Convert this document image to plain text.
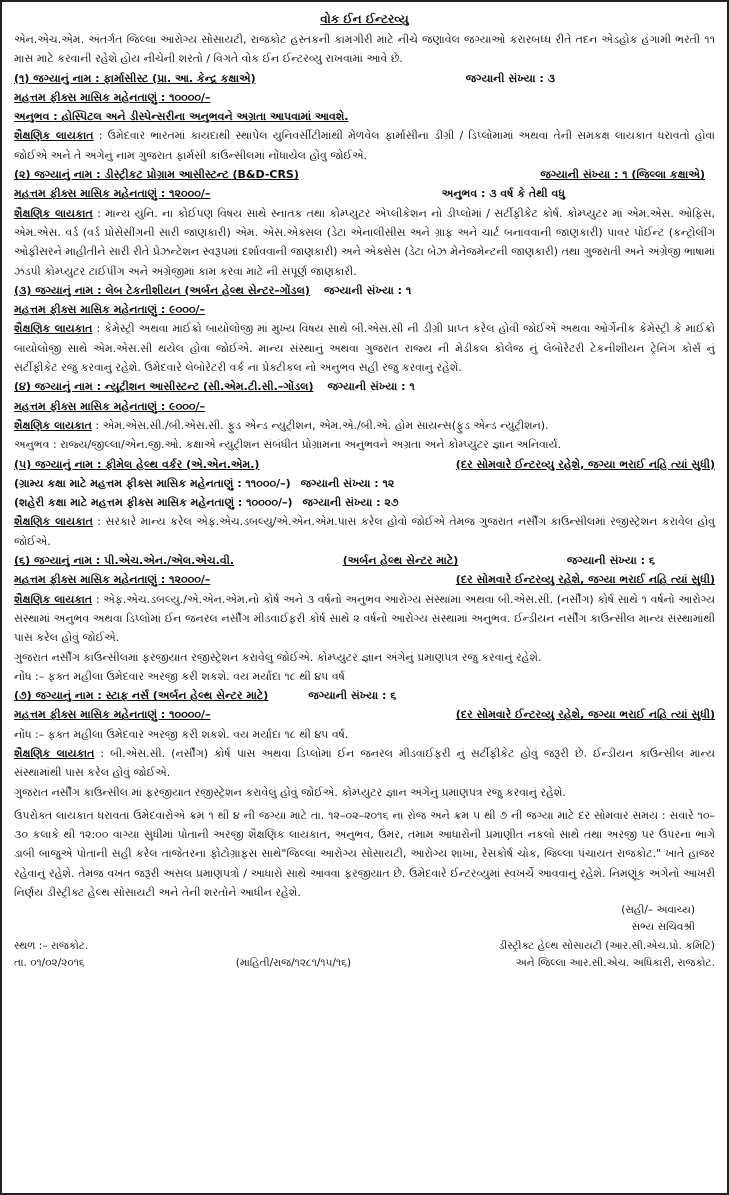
વોક ઈન ઈન્ટરવ્યુ

એન.એચ.એમ. અંતર્ગત જિલ્લા આરોગ્ય સોસાયટી, રાજકોટ હસ્તકની કામગીરી માટે નીચે જણાવેલ જગ્યાઓ કરારબધ્ધ રીતે તદન એડહોક હંગામી ભરતી ૧૧ માસ માટે કરવાની રહેશે હોય નીચેની શરતો / વિગતે વોક ઈન ઈન્ટરવ્યુ રાખવામાં આવે છે.

(૧) જગ્યાનું નામ : ફાર્માસીસ્ટ (પ્રા. આ. કેન્દ્ર કક્ષાએ)	જગ્યાની સંખ્યા : ૩

મહત્તમ ફીક્સ માસિક મહેનતાણું : ૧૦૦૦૦/–

અનુભવ : હોસ્પિટલ અને ડીસ્પેન્સરીના અનુભવને અગ્રતા આપવામાં આવશે.

શૈક્ષણિક લાયકાત : ઉમેદવાર ભારતમાં કાયદાથી સ્થાપેલ યુનિવર્સીટીમાંથી મેળવેલ ફાર્માસીના ડીગ્રી / ડિપ્લોમામાં અથવા તેની સમકક્ષ લાયકાત ધરાવતો હોવા જોઈએ અને તે અંગેનું નામ ગુજરાત ફાર્મસી કાઉન્સીલમાં નોંધાયેલ હોવુ જોઈએ.

(૨) જગ્યાનું નામ : ડીસ્ટ્રીકટ પ્રોગ્રામ આસીસ્ટન્ટ (B&D-CRS)	જગ્યાની સંખ્યા : ૧ (જિલ્લા કક્ષાએ)
મહત્તમ ફીક્સ માસિક મહેનતાણું : ૧૨૦૦૦/–	અનુભવ : ૩ વર્ષ કે તેથી વધુ

શૈક્ષણિક લાયકાત : માન્ય યુનિ. ના કોઈપણ વિષય સાથે સ્નાતક તથા કોમ્પ્યુટર એપ્લીકેશન નો ડીપ્લોમાં / સર્ટીફીકેટ કોર્ષ. કોમ્પ્યુટર માં એમ.એસ. ઓફિસ, એમ.એસ. વર્ડ (વર્ડ પ્રોસેસીંગની સારી જાણકારી) એમ. એસ.એક્સલ (ડેટા એનાલીસીસ અને ગ્રાફ અને ચાર્ટ બનાવવાની જાણકારી) પાવર પોઈન્ટ (કન્ટ્રોલીંગ ઓફીસરને માહીતીને સારી રીતે પ્રેઝન્ટેશન સ્વરૂપમાં દર્શાવવાની જાણકારી) અને એક્સેસ (ડેટા બેઝ મેનેજમેન્ટની જાણકારી) તથા ગુજરાતી અને અંગ્રેજી ભાષામાં ઝડપી કોમ્પ્યુટર ટાઈપીંગ અને અંગ્રેજીમાં કામ કરવા માટે ની સંપૂર્ણ જાણકારી.

(૩) જગ્યાનું નામ : લેબ ટેકનીશીયન (અર્બન હેલ્થ સેન્ટર–ગોંડલ) જગ્યાની સંખ્યા : ૧

મહત્તમ ફીક્સ માસિક મહેનતાણું : ૯૦૦૦/–

શૈક્ષણિક લાયકાત : કેમેસ્ટ્રી અથવા માઈક્રો બાયોલોજી માં મુખ્ય વિષય સાથે બી.એસ.સી ની ડીગ્રી પ્રાપ્ત કરેલ હોવી જોઈએ અથવા ઓર્ગેનીક કેમેસ્ટ્રી કે માઈક્રો બાયોલોજી સાથે એમ.એસ.સી થયેલ હોવા જોઈએ. માન્ય સંસ્થાનું અથવા ગુજરાત રાજ્ય ની મેડીકલ કોલેજ નું લેબોરેટરી ટેકનીશીયન ટ્રેનિંગ કોર્સ નું સર્ટીફીકેટ રજુ કરવાનું રહેશે. ઉમેદવારે લેબોરેટરી વર્ક ના પ્રેક્ટીકલ નો અનુભવ સહી રજુ કરવાનું રહેશે.

(૪) જગ્યાનું નામ : ન્યુટ્રીશન આસીસ્ટન્ટ (સી.એમ.ટી.સી.–ગોંડલ) જગ્યાની સંખ્યા : ૧

મહત્તમ ફીક્સ માસિક મહેનતાણું : ૯૦૦૦/–

શૈક્ષણિક લાયકાત : એમ.એસ.સી./બી.એસ.સી. ફુડ એન્ડ ન્યુટ્રીશન, એમ.એ./બી.એ. હોમ સાયન્સ(ફુડ એન્ડ ન્યુટ્રીશન).

અનુભવ : રાજ્ય/જીલ્લા/એન.જી.ઓ. કક્ષાએ ન્યુટ્રીશન સંબંધીત પ્રોગ્રામના અનુભવને અગ્રતા અને કોમ્પ્યુટર જ્ઞાન અનિવાર્ય.

(૫) જગ્યાનું નામ : ફીમેલ હેલ્થ વર્કર (એ.એન.એમ.)	(દર સોમવારે ઈન્ટરવ્યુ રહેશે, જગ્યા ભરાઈ નહિ ત્યાં સુધી)
(ગ્રામ્ય કક્ષા માટે મહત્તમ ફીક્સ માસિક મહેનતાણું : ૧૧૦૦૦/–) જગ્યાની સંખ્યા : ૧૨
(શહેરી કક્ષા માટે મહત્તમ ફીક્સ માસિક મહેનતાણું : ૧૦૦૦૦/–) જગ્યાની સંખ્યા : ૨૭

શૈક્ષણિક લાયકાત : સરકારે માન્ય કરેલ એફ.એચ.ડબલ્યુ/એ.એન.એમ.પાસ કરેલ હોવો જોઈએ તેમજ ગુજરાત નર્સીંગ કાઉન્સીલમાં રજીસ્ટ્રેશન કરાવેલ હોવુ જોઈએ.

(૬) જગ્યાનું નામ : પી.એચ.એન./એલ.એચ.વી.	(અર્બન હેલ્થ સેન્ટર માટે)	જગ્યાની સંખ્યા : ૬
મહત્તમ ફીક્સ માસિક મહેનતાણું : ૧૨૦૦૦/–	(દર સોમવારે ઈન્ટરવ્યુ રહેશે, જગ્યા ભરાઈ નહિ ત્યાં સુધી)

શૈક્ષણિક લાયકાત : એફ.એચ.ડબલ્યુ./એ.એન.એમ.નો કોર્ષ અને ૩ વર્ષનો અનુભવ આરોગ્ય સંસ્થામાં અથવા બી.એસ.સી. (નર્સીંગ) કોર્ષ સાથે ૧ વર્ષનો આરોગ્ય સંસ્થામાં અનુભવ અથવા ડિપ્લોમાં ઈન જનરલ નર્સીંગ મીડવાઈફરી કોર્ષ સાથે ૨ વર્ષનો આરોગ્ય સંસ્થામાં અનુભવ. ઈન્ડીયન નર્સીંગ કાઉન્સીલ માન્ય સંસ્થામાંથી પાસ કરેલ હોવું જોઈએ.

ગુજરાત નર્સીંગ કાઉન્સીલમાં ફરજીયાત રજીસ્ટ્રેશન કરાવેલું જોઈએ. કોમ્પ્યુટર જ્ઞાન અંગેનું પ્રમાણપત્ર રજુ કરવાનું રહેશે.

નોંધ :– ફક્ત મહીલા ઉમેદવાર અરજી કરી શકશે. વય મર્યાદા ૧૮ થી ૪૫ વર્ષ

(૭) જગ્યાનું નામ : સ્ટાફ નર્સ (અર્બન હેલ્થ સેન્ટર માટે)	જગ્યાની સંખ્યા : ૬
મહત્તમ ફીક્સ માસિક મહેનતાણું : ૧૦૦૦૦/–	(દર સોમવારે ઈન્ટરવ્યુ રહેશે, જગ્યા ભરાઈ નહિ ત્યાં સુધી)

નોંધ :– ફક્ત મહીલા ઉમેદવાર અરજી કરી શકશે. વય મર્યાદા ૧૮ થી ૪૫ વર્ષ.

શૈક્ષણિક લાયકાત : બી.એસ.સી. (નર્સીંગ) કોર્ષ પાસ અથવા ડિપ્લોમાં ઈન જનરલ મીડવાઈફરી નું સર્ટીફીકેટ હોવું જરૂરી છે. ઈન્ડીયન કાઉન્સીલ માન્ય સંસ્થામાંથી પાસ કરેલ હોવું જોઈએ.

ગુજરાત નર્સીંગ કાઉન્સીલ માં ફરજીયાત રજીસ્ટ્રેશન કરાવેલું હોવું જોઈએ. કોમ્પ્યુટર જ્ઞાન અંગેનું પ્રમાણપત્ર રજુ કરવાનું રહેશે.

ઉપરોક્ત લાયકાત ધરાવતા ઉમેદવારોએ ક્રમ ૧ થી ૪ ની જગ્યા માટે તા. ૧૨–૦૨–૨૦૧૬ ના રોજ અને ક્રમ ૫ થી ૭ ની જગ્યા માટે દર સોમવાર સમય : સવારે ૧૦–૩૦ કલાકે થી ૧૨:૦૦ વાગ્યા સુધીમાં પોતાની અરજી શૈક્ષણિક લાયકાત, અનુભવ, ઉંમર, તમામ આધારોની પ્રમાણીત નકલો સાથે તથા અરજી પર ઉપરના ભાગે ડાબી બાજુએ પોતાની સહી કરેલ તાજેતરના ફોટોગ્રાફસ સાથે"જિલ્લા આરોગ્ય સોસાયટી, આરોગ્ય શાખા, રેસકોર્ષ ચોક, જિલ્લા પંચાયત રાજકોટ." ખાતે હાજર રહેવાનું રહેશે. તેમજ વખત જરૂરી અસલ પ્રમાણપત્રો / આધારો સાથે આવવા ફરજીયાત છે. ઉમેદવારે ઈન્ટરવ્યુમાં સ્વખર્ચે આવવાનું રહેશે. નિમણૂંક અંગેનો આખરી નિર્ણય ડીસ્ટ્રીક્ટ હેલ્થ સોસાયટી અને તેની શરતોને આધીન રહેશે.

(સહી/– અવાચ્ય)
સભ્ય સચિવશ્રી
સ્થળ :– રાજકોટ.
તા. ૦૧/૦૨/૨૦૧૬	(માહિતી/રાજ/૧૨૮૧/૧૫/૧૬)
ડીસ્ટ્રીક્ટ હેલ્થ સોસાયટી (આર.સી.એચ.પ્રો. કમિટિ)
અને જિલ્લા આર.સી.એચ. અધિકારી, રાજકોટ.
